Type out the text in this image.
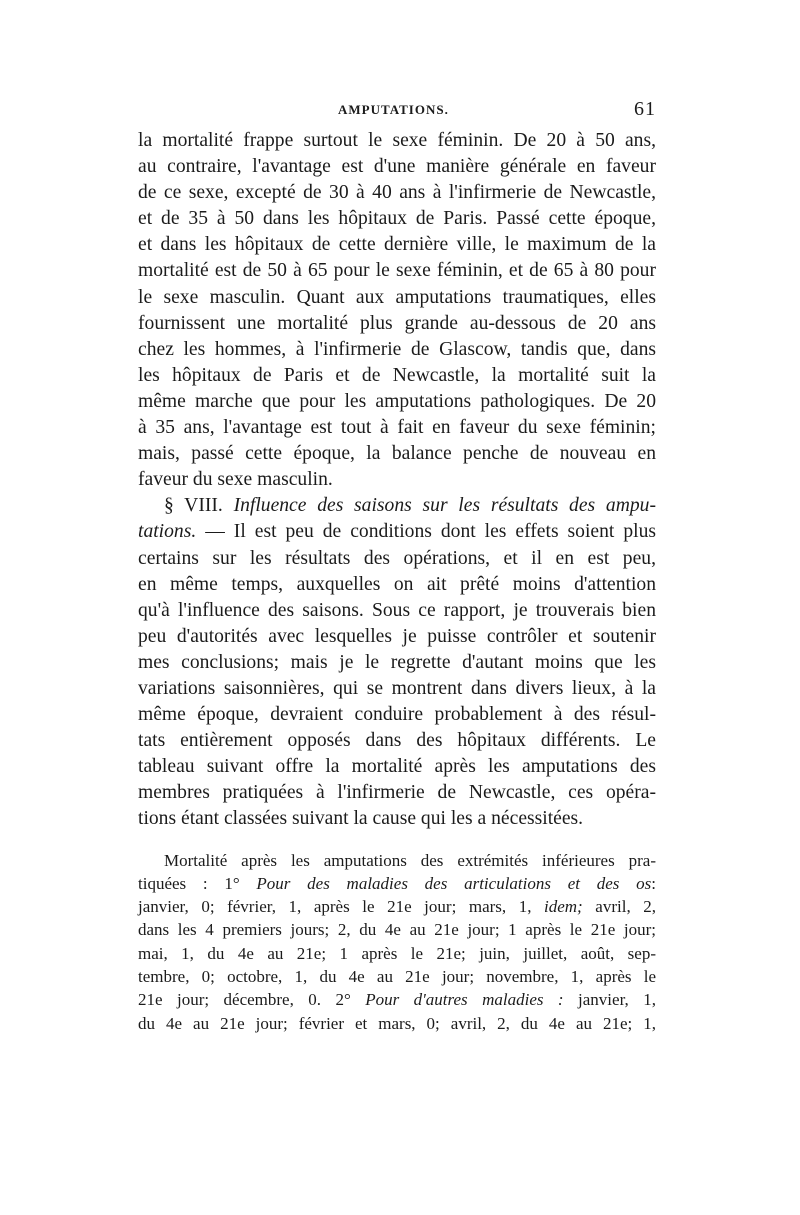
AMPUTATIONS.	61

la mortalité frappe surtout le sexe féminin. De 20 à 50 ans,
au contraire, l'avantage est d'une manière générale en faveur
de ce sexe, excepté de 30 à 40 ans à l'infirmerie de Newcastle,
et de 35 à 50 dans les hôpitaux de Paris. Passé cette époque,
et dans les hôpitaux de cette dernière ville, le maximum de la
mortalité est de 50 à 65 pour le sexe féminin, et de 65 à 80 pour
le sexe masculin. Quant aux amputations traumatiques, elles
fournissent une mortalité plus grande au-dessous de 20 ans
chez les hommes, à l'infirmerie de Glascow, tandis que, dans
les hôpitaux de Paris et de Newcastle, la mortalité suit la
même marche que pour les amputations pathologiques. De 20
à 35 ans, l'avantage est tout à fait en faveur du sexe féminin;
mais, passé cette époque, la balance penche de nouveau en
faveur du sexe masculin.

§ VIII. Influence des saisons sur les résultats des ampu-
tations. — Il est peu de conditions dont les effets soient plus
certains sur les résultats des opérations, et il en est peu,
en même temps, auxquelles on ait prêté moins d'attention
qu'à l'influence des saisons. Sous ce rapport, je trouverais bien
peu d'autorités avec lesquelles je puisse contrôler et soutenir
mes conclusions; mais je le regrette d'autant moins que les
variations saisonnières, qui se montrent dans divers lieux, à la
même époque, devraient conduire probablement à des résul-
tats entièrement opposés dans des hôpitaux différents. Le
tableau suivant offre la mortalité après les amputations des
membres pratiquées à l'infirmerie de Newcastle, ces opéra-
tions étant classées suivant la cause qui les a nécessitées.

Mortalité après les amputations des extrémités inférieures pra-
tiquées : 1° Pour des maladies des articulations et des os:
janvier, 0; février, 1, après le 21e jour; mars, 1, idem; avril, 2,
dans les 4 premiers jours; 2, du 4e au 21e jour; 1 après le 21e jour;
mai, 1, du 4e au 21e; 1 après le 21e; juin, juillet, août, sep-
tembre, 0; octobre, 1, du 4e au 21e jour; novembre, 1, après le
21e jour; décembre, 0. 2° Pour d'autres maladies : janvier, 1,
du 4e au 21e jour; février et mars, 0; avril, 2, du 4e au 21e; 1,
